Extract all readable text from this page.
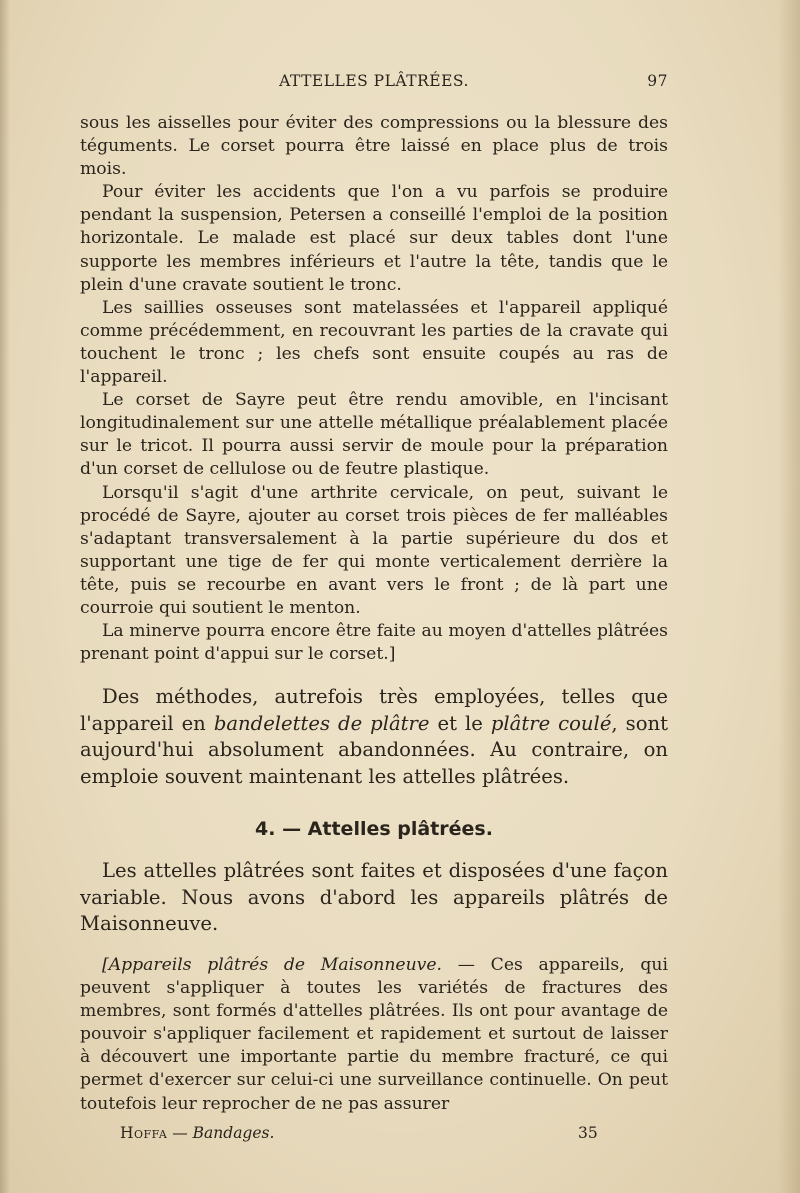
ATTELLES PLÂTRÉES.	97

sous les aisselles pour éviter des compressions ou la blessure des téguments. Le corset pourra être laissé en place plus de trois mois.

Pour éviter les accidents que l'on a vu parfois se produire pendant la suspension, Petersen a conseillé l'emploi de la position horizontale. Le malade est placé sur deux tables dont l'une supporte les membres inférieurs et l'autre la tête, tandis que le plein d'une cravate soutient le tronc.

Les saillies osseuses sont matelassées et l'appareil appliqué comme précédemment, en recouvrant les parties de la cravate qui touchent le tronc ; les chefs sont ensuite coupés au ras de l'appareil.

Le corset de Sayre peut être rendu amovible, en l'incisant longitudinalement sur une attelle métallique préalablement placée sur le tricot. Il pourra aussi servir de moule pour la préparation d'un corset de cellulose ou de feutre plastique.

Lorsqu'il s'agit d'une arthrite cervicale, on peut, suivant le procédé de Sayre, ajouter au corset trois pièces de fer malléables s'adaptant transversalement à la partie supérieure du dos et supportant une tige de fer qui monte verticalement derrière la tête, puis se recourbe en avant vers le front ; de là part une courroie qui soutient le menton.

La minerve pourra encore être faite au moyen d'attelles plâtrées prenant point d'appui sur le corset.]

Des méthodes, autrefois très employées, telles que l'appareil en bandelettes de plâtre et le plâtre coulé, sont aujourd'hui absolument abandonnées. Au contraire, on emploie souvent maintenant les attelles plâtrées.

4. — Attelles plâtrées.

Les attelles plâtrées sont faites et disposées d'une façon variable. Nous avons d'abord les appareils plâtrés de Maisonneuve.

[Appareils plâtrés de Maisonneuve. — Ces appareils, qui peuvent s'appliquer à toutes les variétés de fractures des membres, sont formés d'attelles plâtrées. Ils ont pour avantage de pouvoir s'appliquer facilement et rapidement et surtout de laisser à découvert une importante partie du membre fracturé, ce qui permet d'exercer sur celui-ci une surveillance continuelle. On peut toutefois leur reprocher de ne pas assurer

Hoffa — Bandages.	35
